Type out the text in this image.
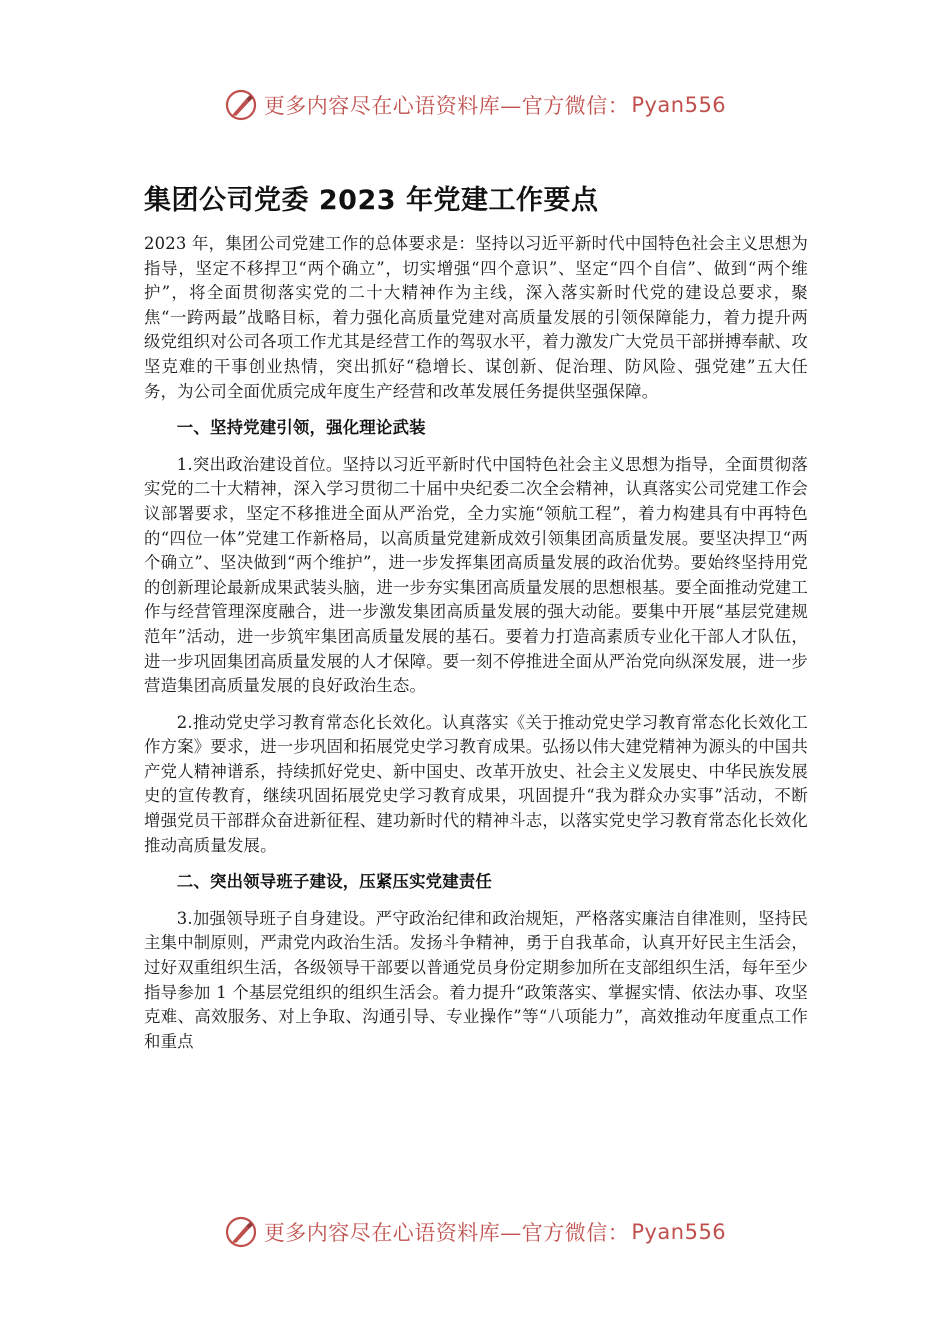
更多内容尽在心语资料库—官方微信： Pyan556
集团公司党委 2023 年党建工作要点

2023 年，集团公司党建工作的总体要求是：坚持以习近平新时代中国特色社会主义思想为指导，坚定不移捍卫“两个确立”，切实增强“四个意识”、坚定“四个自信”、做到“两个维护”，将全面贯彻落实党的二十大精神作为主线，深入落实新时代党的建设总要求，聚焦“一跨两最”战略目标，着力强化高质量党建对高质量发展的引领保障能力，着力提升两级党组织对公司各项工作尤其是经营工作的驾驭水平，着力激发广大党员干部拼搏奉献、攻坚克难的干事创业热情，突出抓好“稳增长、谋创新、促治理、防风险、强党建”五大任务，为公司全面优质完成年度生产经营和改革发展任务提供坚强保障。

一、坚持党建引领，强化理论武装

1.突出政治建设首位。坚持以习近平新时代中国特色社会主义思想为指导，全面贯彻落实党的二十大精神，深入学习贯彻二十届中央纪委二次全会精神，认真落实公司党建工作会议部署要求，坚定不移推进全面从严治党，全力实施“领航工程”，着力构建具有中再特色的“四位一体”党建工作新格局，以高质量党建新成效引领集团高质量发展。要坚决捍卫“两个确立”、坚决做到“两个维护”，进一步发挥集团高质量发展的政治优势。要始终坚持用党的创新理论最新成果武装头脑，进一步夯实集团高质量发展的思想根基。要全面推动党建工作与经营管理深度融合，进一步激发集团高质量发展的强大动能。要集中开展“基层党建规范年”活动，进一步筑牢集团高质量发展的基石。要着力打造高素质专业化干部人才队伍，进一步巩固集团高质量发展的人才保障。要一刻不停推进全面从严治党向纵深发展，进一步营造集团高质量发展的良好政治生态。

2.推动党史学习教育常态化长效化。认真落实《关于推动党史学习教育常态化长效化工作方案》要求，进一步巩固和拓展党史学习教育成果。弘扬以伟大建党精神为源头的中国共产党人精神谱系，持续抓好党史、新中国史、改革开放史、社会主义发展史、中华民族发展史的宣传教育，继续巩固拓展党史学习教育成果，巩固提升“我为群众办实事”活动，不断增强党员干部群众奋进新征程、建功新时代的精神斗志，以落实党史学习教育常态化长效化推动高质量发展。

二、突出领导班子建设，压紧压实党建责任

3.加强领导班子自身建设。严守政治纪律和政治规矩，严格落实廉洁自律准则，坚持民主集中制原则，严肃党内政治生活。发扬斗争精神，勇于自我革命，认真开好民主生活会，过好双重组织生活，各级领导干部要以普通党员身份定期参加所在支部组织生活，每年至少指导参加 1 个基层党组织的组织生活会。着力提升“政策落实、掌握实情、依法办事、攻坚克难、高效服务、对上争取、沟通引导、专业操作”等“八项能力”，高效推动年度重点工作和重点

更多内容尽在心语资料库—官方微信： Pyan556
